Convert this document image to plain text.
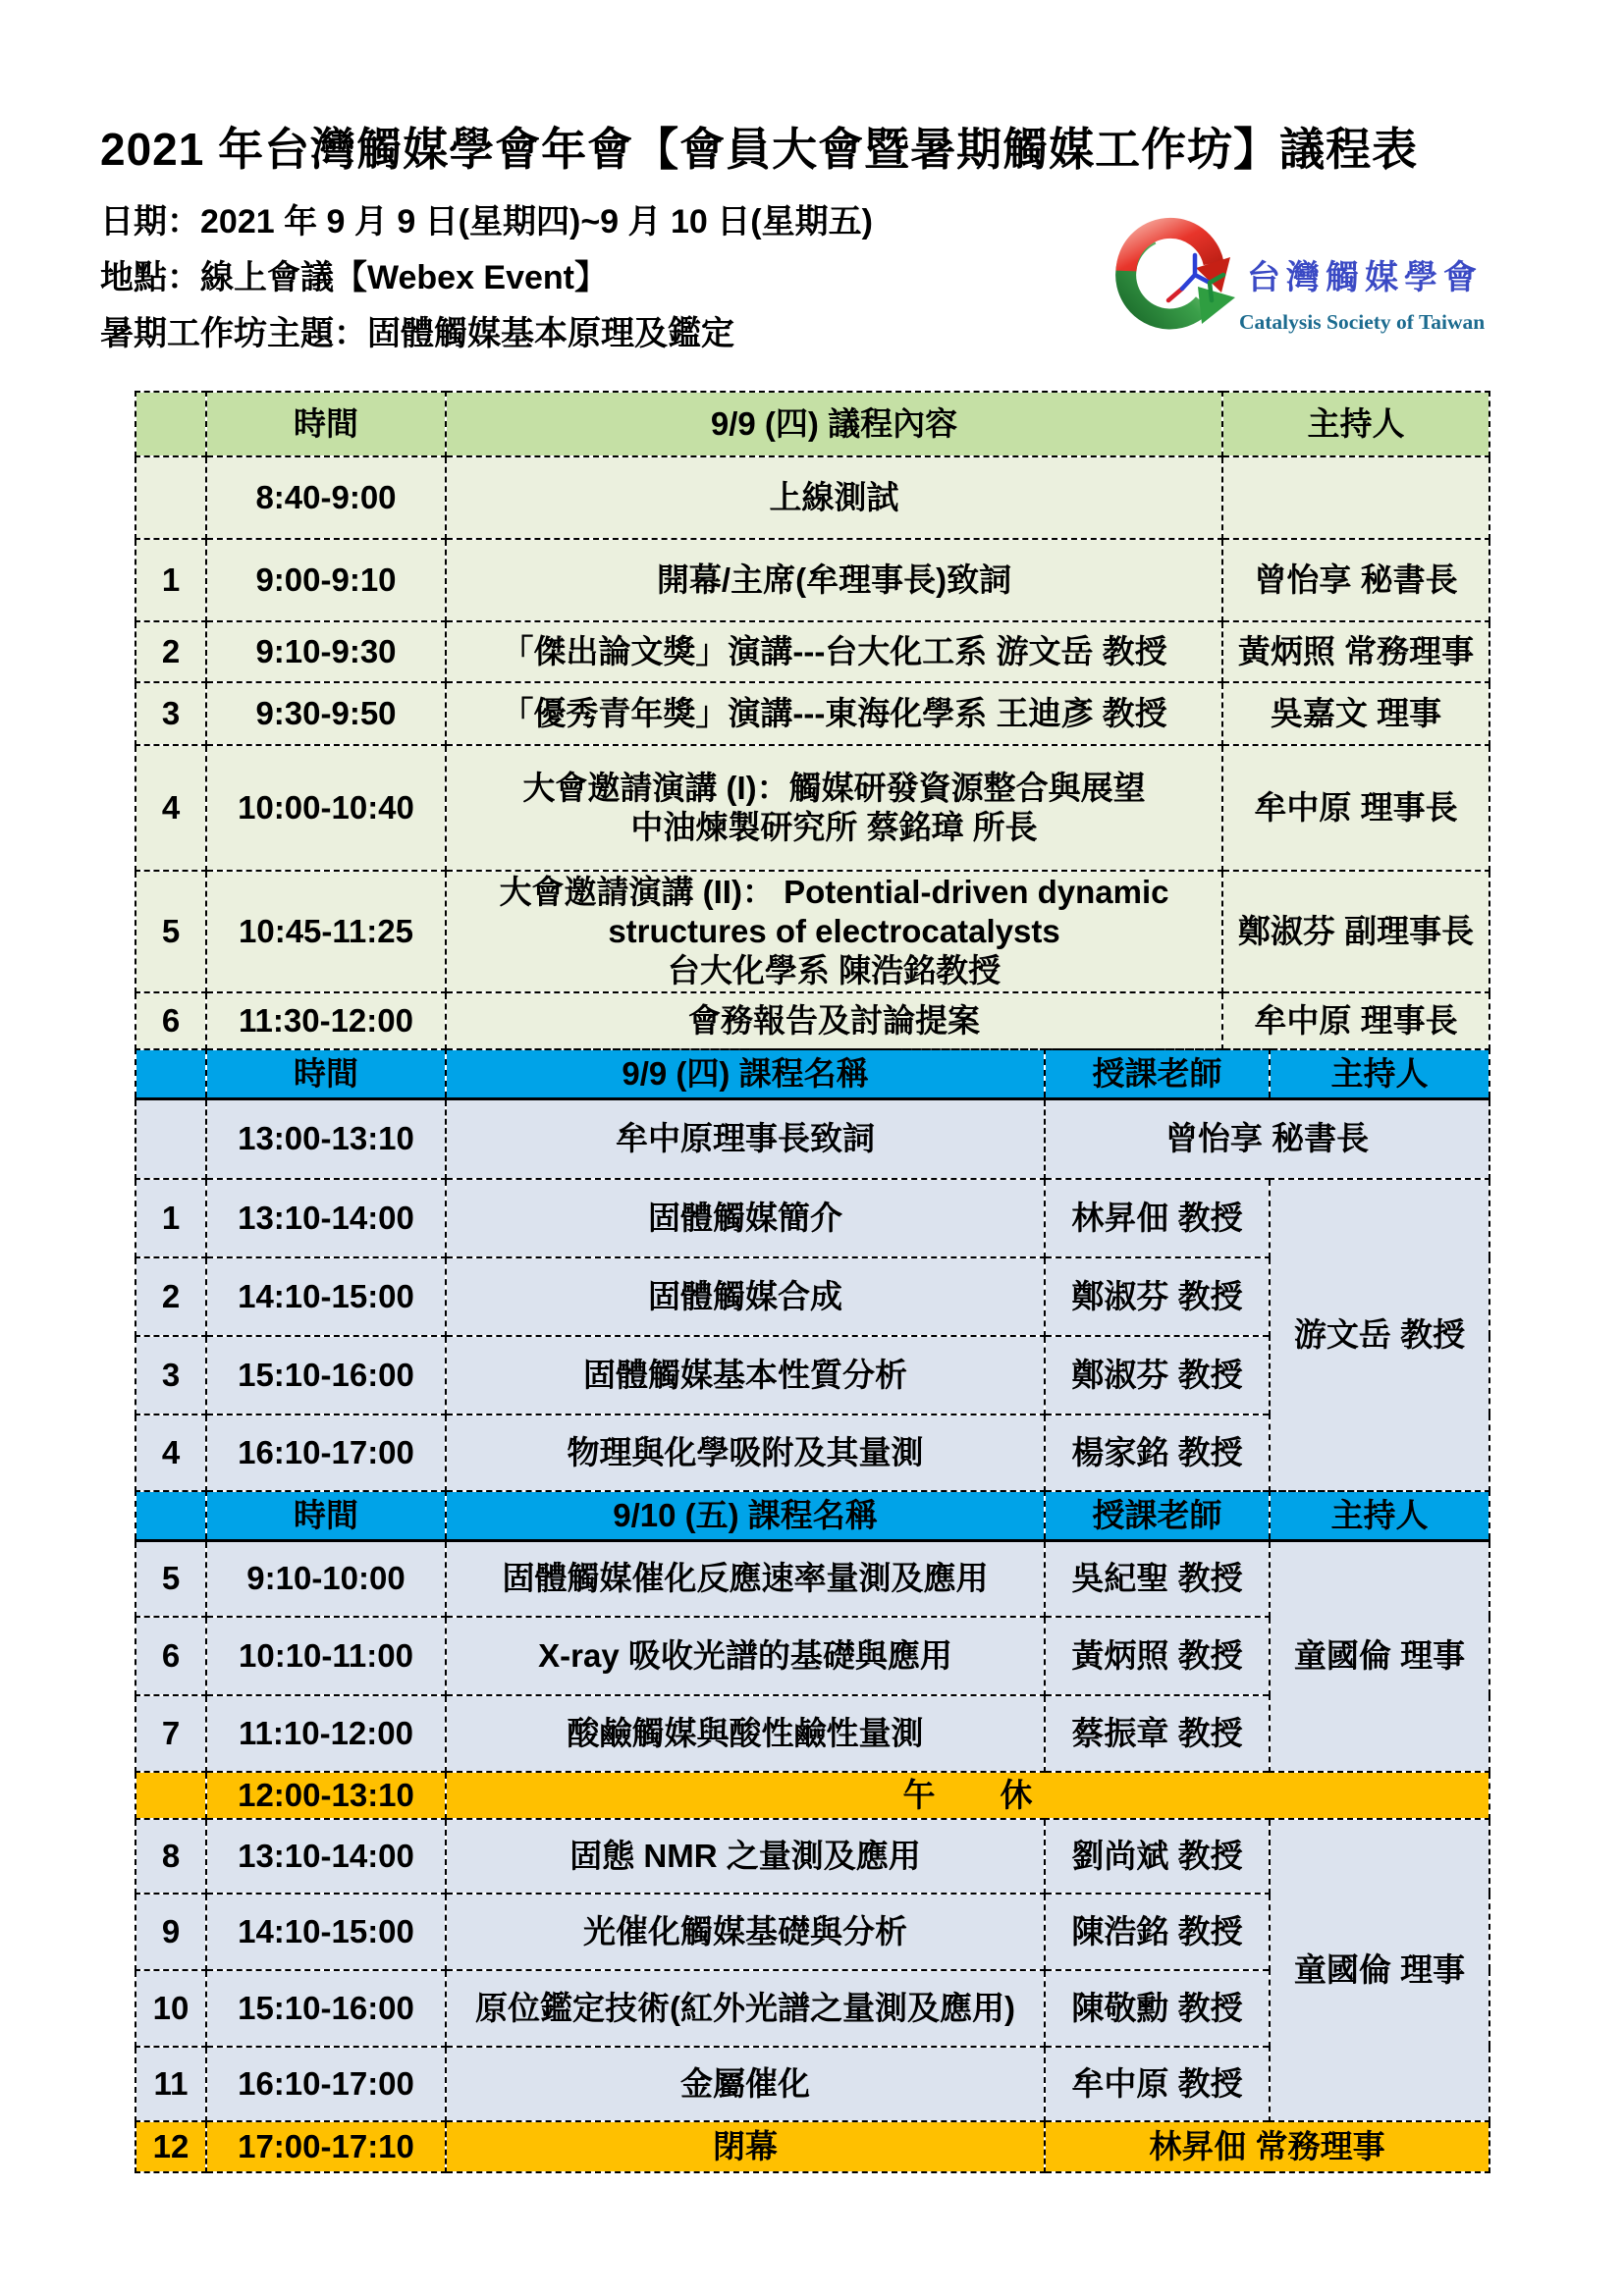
2021 年台灣觸媒學會年會【會員大會暨暑期觸媒工作坊】議程表
日期：2021 年 9 月 9 日(星期四)~9 月 10 日(星期五)
地點：線上會議【Webex Event】
暑期工作坊主題：固體觸媒基本原理及鑑定
台灣觸媒學會
Catalysis Society of Taiwan
	時間	9/9 (四) 議程內容	主持人
	8:40-9:00	上線測試	

1	9:00-9:10	開幕/主席(牟理事長)致詞	曾怡享 秘書長
2	9:10-9:30	「傑出論文獎」演講---台大化工系 游文岳 教授	黃炳照 常務理事
3	9:30-9:50	「優秀青年獎」演講---東海化學系 王迪彥 教授	吳嘉文 理事
4	10:00-10:40	大會邀請演講 (I)：觸媒研發資源整合與展望
中油煉製研究所 蔡銘璋 所長	牟中原 理事長
5	10:45-11:25	大會邀請演講 (II)： Potential-driven dynamic
structures of electrocatalysts
台大化學系 陳浩銘教授	鄭淑芬 副理事長
6	11:30-12:00	會務報告及討論提案	牟中原 理事長
	時間	9/9 (四) 課程名稱	授課老師	主持人
	13:00-13:10	牟中原理事長致詞	曾怡享 秘書長	
1	13:10-14:00	固體觸媒簡介	林昇佃 教授	游文岳 教授
2	14:10-15:00	固體觸媒合成	鄭淑芬 教授	
3	15:10-16:00	固體觸媒基本性質分析	鄭淑芬 教授	
4	16:10-17:00	物理與化學吸附及其量測	楊家銘 教授	
	時間	9/10 (五) 課程名稱	授課老師	主持人
5	9:10-10:00	固體觸媒催化反應速率量測及應用	吳紀聖 教授	童國倫 理事
6	10:10-11:00	X-ray 吸收光譜的基礎與應用	黃炳照 教授	
7	11:10-12:00	酸鹼觸媒與酸性鹼性量測	蔡振章 教授	
	12:00-13:10	午　　休		
8	13:10-14:00	固態 NMR 之量測及應用	劉尚斌 教授	童國倫 理事
9	14:10-15:00	光催化觸媒基礎與分析	陳浩銘 教授	
10	15:10-16:00	原位鑑定技術(紅外光譜之量測及應用)	陳敬勳 教授	
11	16:10-17:00	金屬催化	牟中原 教授	
12	17:00-17:10	閉幕	林昇佃 常務理事	
